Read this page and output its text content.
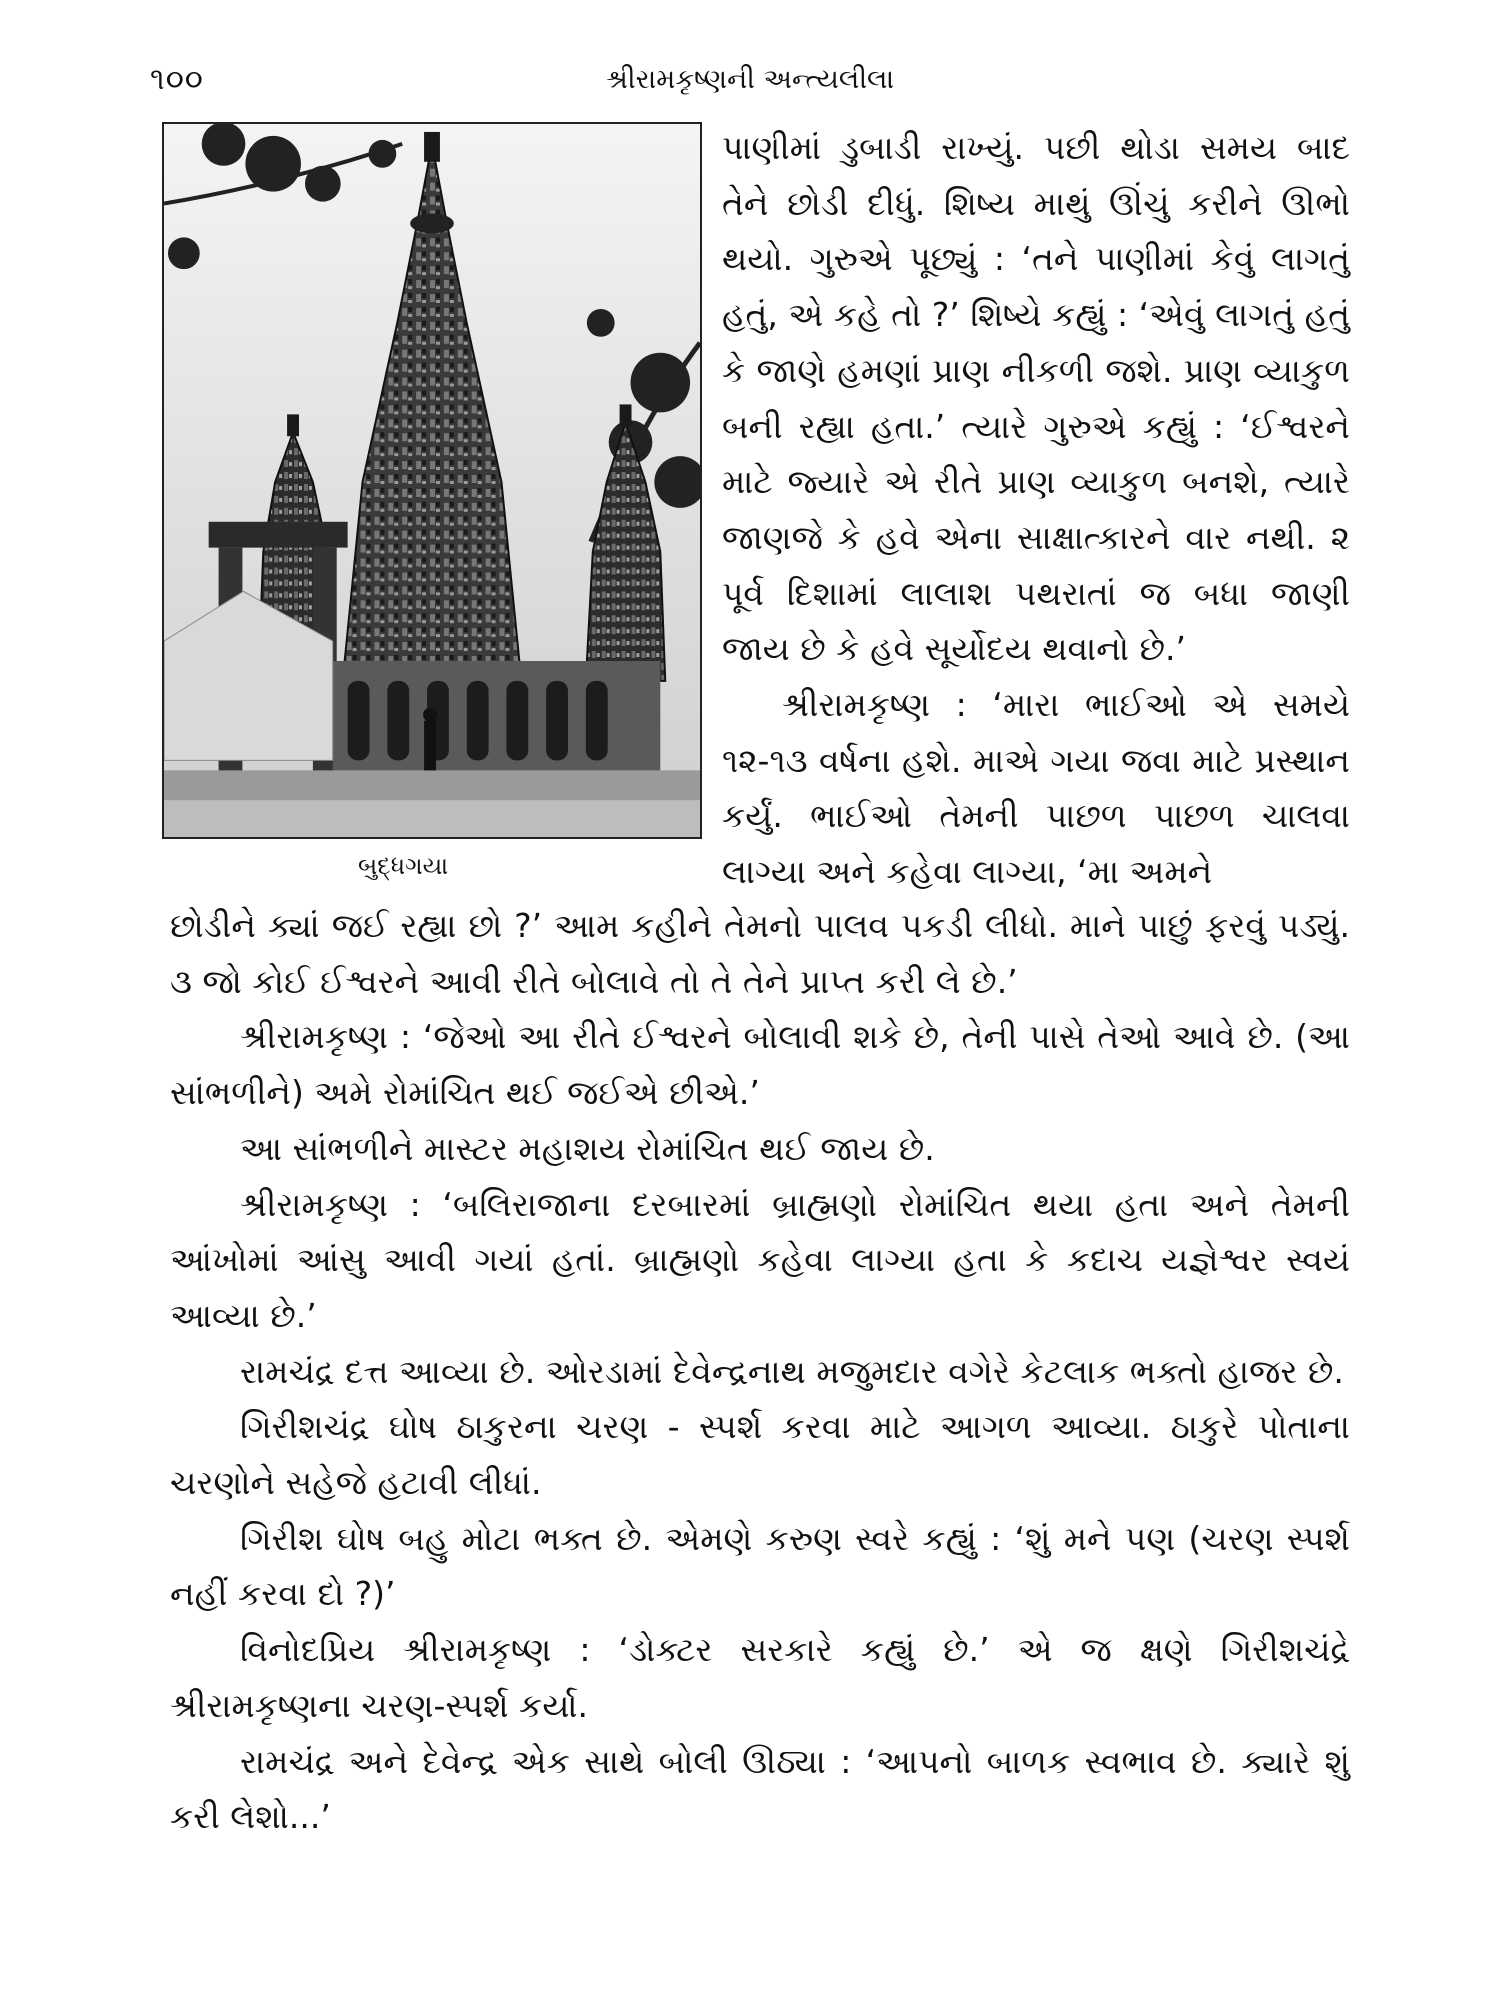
૧૦૦	શ્રીરામકૃષ્ણની અન્ત્યલીલા
બુદ્ધગયા

પાણીમાં ડુબાડી રાખ્યું. પછી થોડા સમય બાદ તેને છોડી દીધું. શિષ્ય માથું ઊંચું કરીને ઊભો થયો. ગુરુએ પૂછ્યું : ‘તને પાણીમાં કેવું લાગતું હતું, એ કહે તો ?’ શિષ્યે કહ્યું : ‘એવું લાગતું હતું કે જાણે હમણાં પ્રાણ નીકળી જશે. પ્રાણ વ્યાકુળ બની રહ્યા હતા.’ ત્યારે ગુરુએ કહ્યું : ‘ઈશ્વરને માટે જ્યારે એ રીતે પ્રાણ વ્યાકુળ બનશે, ત્યારે જાણજે કે હવે એના સાક્ષાત્કારને વાર નથી. ૨ પૂર્વ દિશામાં લાલાશ પથરાતાં જ બધા જાણી જાય છે કે હવે સૂર્યોદય થવાનો છે.’

શ્રીરામકૃષ્ણ : ‘મારા ભાઈઓ એ સમયે ૧૨-૧૩ વર્ષના હશે. માએ ગયા જવા માટે પ્રસ્થાન કર્યું. ભાઈઓ તેમની પાછળ પાછળ ચાલવા લાગ્યા અને કહેવા લાગ્યા, ‘મા અમને

છોડીને ક્યાં જઈ રહ્યા છો ?’ આમ કહીને તેમનો પાલવ પકડી લીધો. માને પાછું ફરવું પડ્યું. ૩ જો કોઈ ઈશ્વરને આવી રીતે બોલાવે તો તે તેને પ્રાપ્ત કરી લે છે.’

શ્રીરામકૃષ્ણ : ‘જેઓ આ રીતે ઈશ્વરને બોલાવી શકે છે, તેની પાસે તેઓ આવે છે. (આ સાંભળીને) અમે રોમાંચિત થઈ જઈએ છીએ.’

આ સાંભળીને માસ્ટર મહાશય રોમાંચિત થઈ જાય છે.

શ્રીરામકૃષ્ણ : ‘બલિરાજાના દરબારમાં બ્રાહ્મણો રોમાંચિત થયા હતા અને તેમની આંખોમાં આંસુ આવી ગયાં હતાં. બ્રાહ્મણો કહેવા લાગ્યા હતા કે કદાચ યજ્ઞેશ્વર સ્વયં આવ્યા છે.’

રામચંદ્ર દત્ત આવ્યા છે. ઓરડામાં દેવેન્દ્રનાથ મજુમદાર વગેરે કેટલાક ભક્તો હાજર છે.

ગિરીશચંદ્ર ઘોષ ઠાકુરના ચરણ - સ્પર્શ કરવા માટે આગળ આવ્યા. ઠાકુરે પોતાના ચરણોને સહેજે હટાવી લીધાં.

ગિરીશ ઘોષ બહુ મોટા ભક્ત છે. એમણે કરુણ સ્વરે કહ્યું : ‘શું મને પણ (ચરણ સ્પર્શ નહીં કરવા દો ?)’

વિનોદપ્રિય શ્રીરામકૃષ્ણ : ‘ડોક્ટર સરકારે કહ્યું છે.’ એ જ ક્ષણે ગિરીશચંદ્રે શ્રીરામકૃષ્ણના ચરણ-સ્પર્શ કર્યા.

રામચંદ્ર અને દેવેન્દ્ર એક સાથે બોલી ઊઠ્યા : ‘આપનો બાળક સ્વભાવ છે. ક્યારે શું કરી લેશો...’
